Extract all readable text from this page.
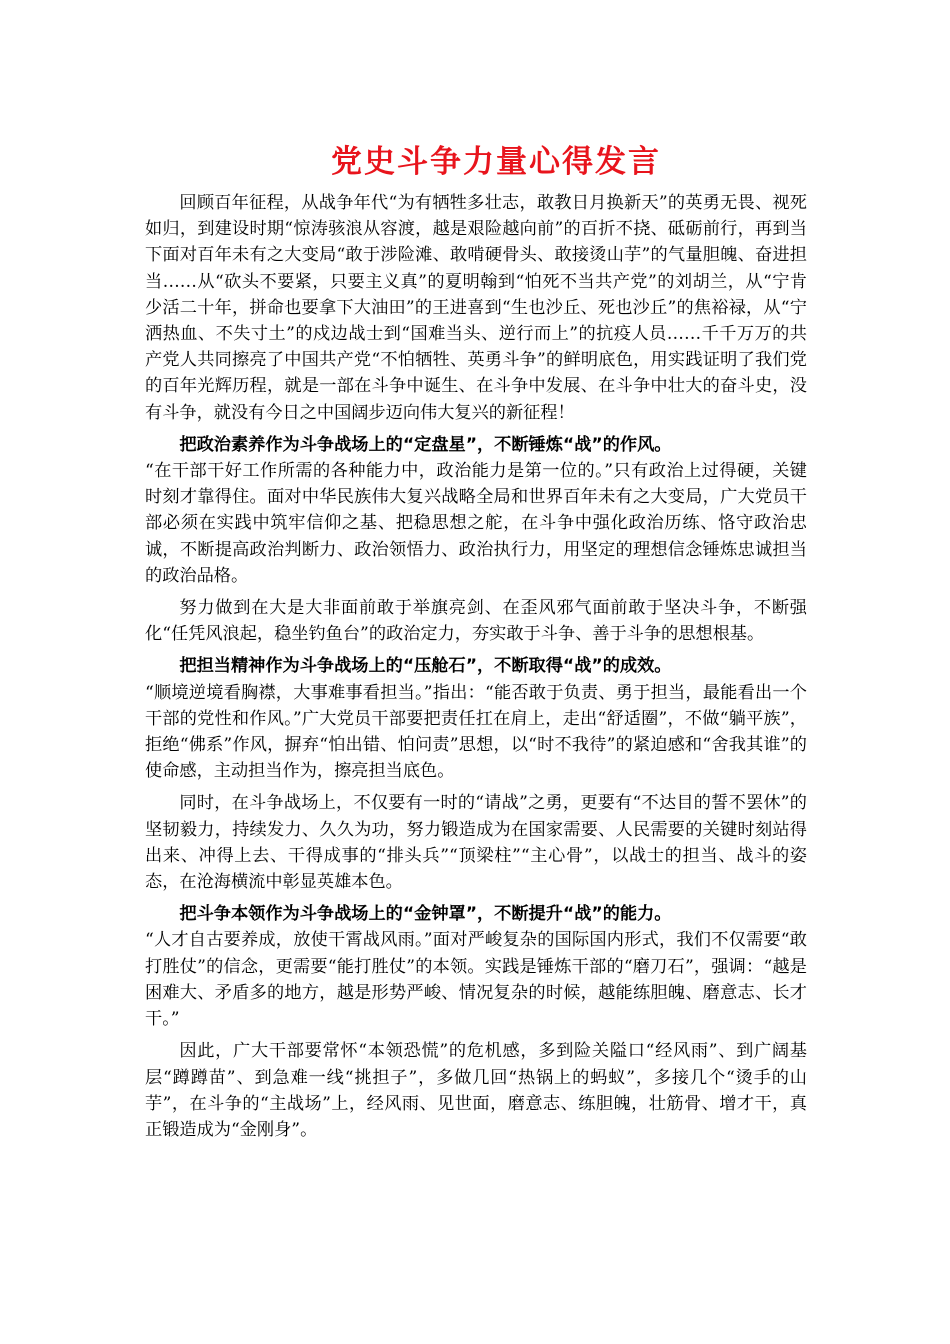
党史斗争力量心得发言

回顾百年征程，从战争年代“为有牺牲多壮志，敢教日月换新天”的英勇无畏、视死如归，到建设时期“惊涛骇浪从容渡，越是艰险越向前”的百折不挠、砥砺前行，再到当下面对百年未有之大变局“敢于涉险滩、敢啃硬骨头、敢接烫山芋”的气量胆魄、奋进担当……从“砍头不要紧，只要主义真”的夏明翰到“怕死不当共产党”的刘胡兰，从“宁肯少活二十年，拼命也要拿下大油田”的王进喜到“生也沙丘、死也沙丘”的焦裕禄，从“宁洒热血、不失寸土”的戍边战士到“国难当头、逆行而上”的抗疫人员……千千万万的共产党人共同擦亮了中国共产党“不怕牺牲、英勇斗争”的鲜明底色，用实践证明了我们党的百年光辉历程，就是一部在斗争中诞生、在斗争中发展、在斗争中壮大的奋斗史，没有斗争，就没有今日之中国阔步迈向伟大复兴的新征程！

把政治素养作为斗争战场上的“定盘星”，不断锤炼“战”的作风。
“在干部干好工作所需的各种能力中，政治能力是第一位的。”只有政治上过得硬，关键时刻才靠得住。面对中华民族伟大复兴战略全局和世界百年未有之大变局，广大党员干部必须在实践中筑牢信仰之基、把稳思想之舵，在斗争中强化政治历练、恪守政治忠诚，不断提高政治判断力、政治领悟力、政治执行力，用坚定的理想信念锤炼忠诚担当的政治品格。

努力做到在大是大非面前敢于举旗亮剑、在歪风邪气面前敢于坚决斗争，不断强化“任凭风浪起，稳坐钓鱼台”的政治定力，夯实敢于斗争、善于斗争的思想根基。

把担当精神作为斗争战场上的“压舱石”，不断取得“战”的成效。
“顺境逆境看胸襟，大事难事看担当。”指出：“能否敢于负责、勇于担当，最能看出一个干部的党性和作风。”广大党员干部要把责任扛在肩上，走出“舒适圈”，不做“躺平族”，拒绝“佛系”作风，摒弃“怕出错、怕问责”思想，以“时不我待”的紧迫感和“舍我其谁”的使命感，主动担当作为，擦亮担当底色。

同时，在斗争战场上，不仅要有一时的“请战”之勇，更要有“不达目的誓不罢休”的坚韧毅力，持续发力、久久为功，努力锻造成为在国家需要、人民需要的关键时刻站得出来、冲得上去、干得成事的“排头兵”“顶梁柱”“主心骨”，以战士的担当、战斗的姿态，在沧海横流中彰显英雄本色。

把斗争本领作为斗争战场上的“金钟罩”，不断提升“战”的能力。
“人才自古要养成，放使干霄战风雨。”面对严峻复杂的国际国内形式，我们不仅需要“敢打胜仗”的信念，更需要“能打胜仗”的本领。实践是锤炼干部的“磨刀石”，强调：“越是困难大、矛盾多的地方，越是形势严峻、情况复杂的时候，越能练胆魄、磨意志、长才干。”

因此，广大干部要常怀“本领恐慌”的危机感，多到险关隘口“经风雨”、到广阔基层“蹲蹲苗”、到急难一线“挑担子”，多做几回“热锅上的蚂蚁”，多接几个“烫手的山芋”，在斗争的“主战场”上，经风雨、见世面，磨意志、练胆魄，壮筋骨、增才干，真正锻造成为“金刚身”。
